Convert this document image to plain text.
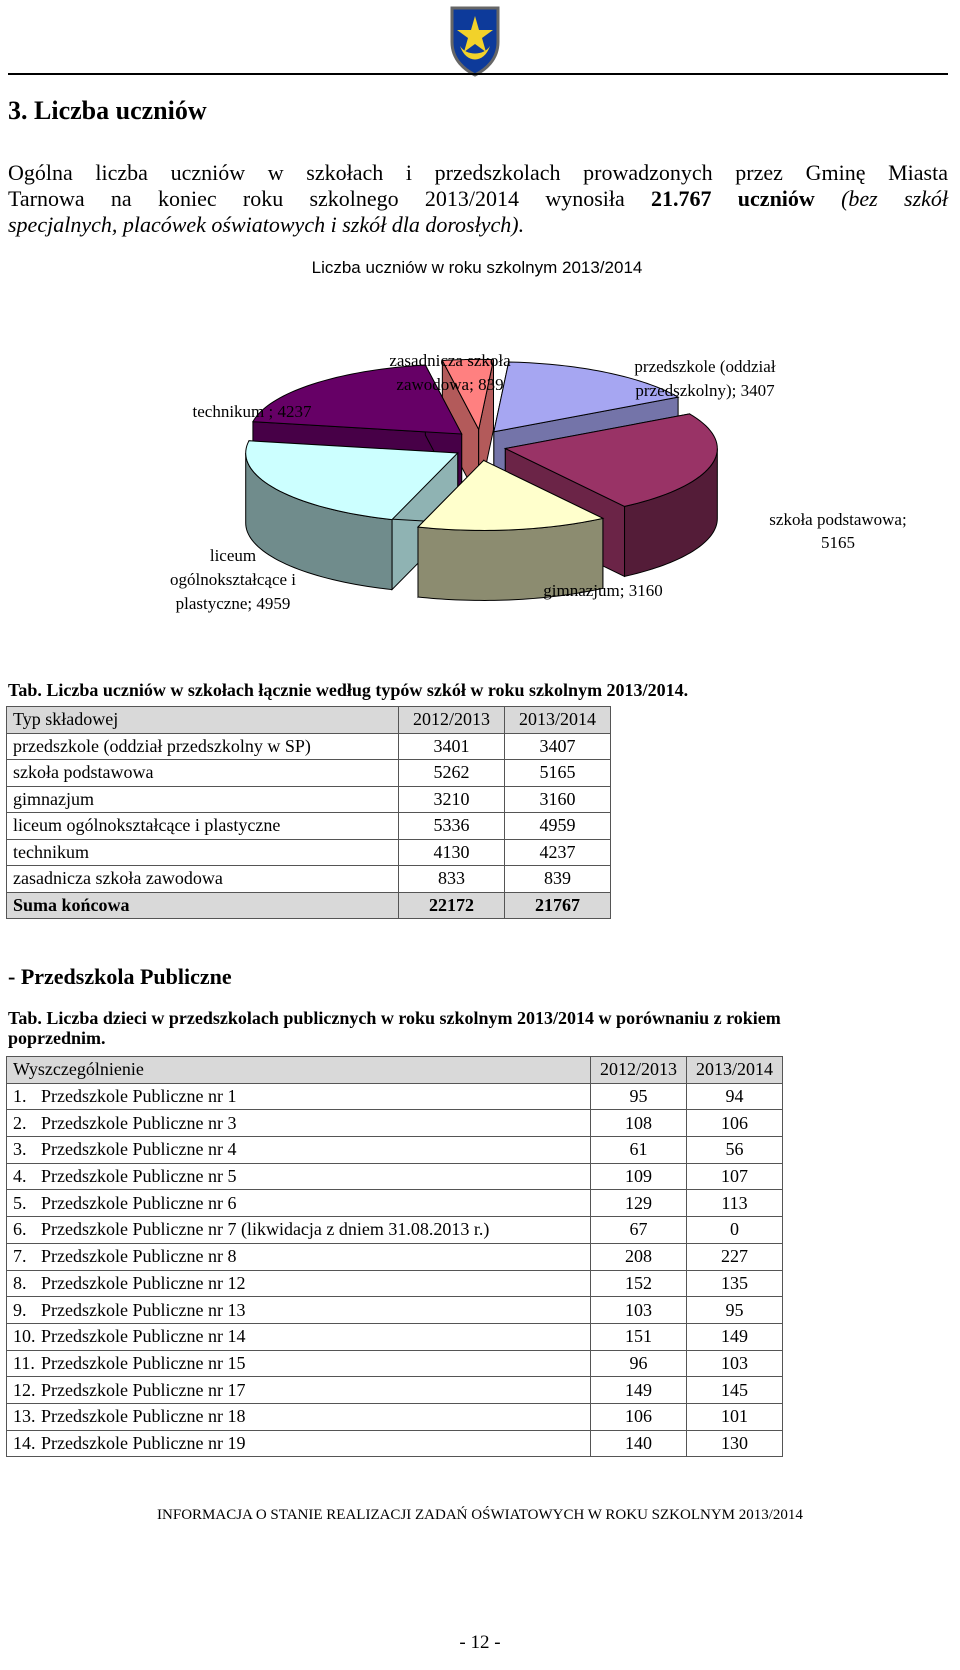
3. Liczba uczniów
Ogólna liczba uczniów w szkołach i przedszkolach prowadzonych przez Gminę Miasta
Tarnowa na koniec roku szkolnego 2013/2014 wynosiła 21.767 uczniów (bez szkół
specjalnych, placówek oświatowych i szkół dla dorosłych).
Liczba uczniów w roku szkolnym 2013/2014
zasadnicza szkoła
zawodowa; 839
przedszkole (oddział
przedszkolny); 3407
technikum ; 4237
szkoła podstawowa;
5165
liceum
ogólnokształcące i
plastyczne; 4959
gimnazjum; 3160
Tab. Liczba uczniów w szkołach łącznie według typów szkół w roku szkolnym 2013/2014.
Typ składowej	2012/2013	2013/2014
przedszkole (oddział przedszkolny w SP)	3401	3407
szkoła podstawowa	5262	5165
gimnazjum	3210	3160
liceum ogólnokształcące i plastyczne	5336	4959
technikum	4130	4237
zasadnicza szkoła zawodowa	833	839
Suma końcowa	22172	21767
- Przedszkola Publiczne
Tab. Liczba dzieci w przedszkolach publicznych w roku szkolnym 2013/2014 w porównaniu z rokiem
poprzednim.
Wyszczególnienie	2012/2013	2013/2014
1. Przedszkole Publiczne nr 1	95	94
2. Przedszkole Publiczne nr 3	108	106
3. Przedszkole Publiczne nr 4	61	56
4. Przedszkole Publiczne nr 5	109	107
5. Przedszkole Publiczne nr 6	129	113
6. Przedszkole Publiczne nr 7 (likwidacja z dniem 31.08.2013 r.)	67	0
7. Przedszkole Publiczne nr 8	208	227
8. Przedszkole Publiczne nr 12	152	135
9. Przedszkole Publiczne nr 13	103	95
10. Przedszkole Publiczne nr 14	151	149
11. Przedszkole Publiczne nr 15	96	103
12. Przedszkole Publiczne nr 17	149	145
13. Przedszkole Publiczne nr 18	106	101
14. Przedszkole Publiczne nr 19	140	130
INFORMACJA O STANIE REALIZACJI ZADAŃ OŚWIATOWYCH W ROKU SZKOLNYM 2013/2014
- 12 -
